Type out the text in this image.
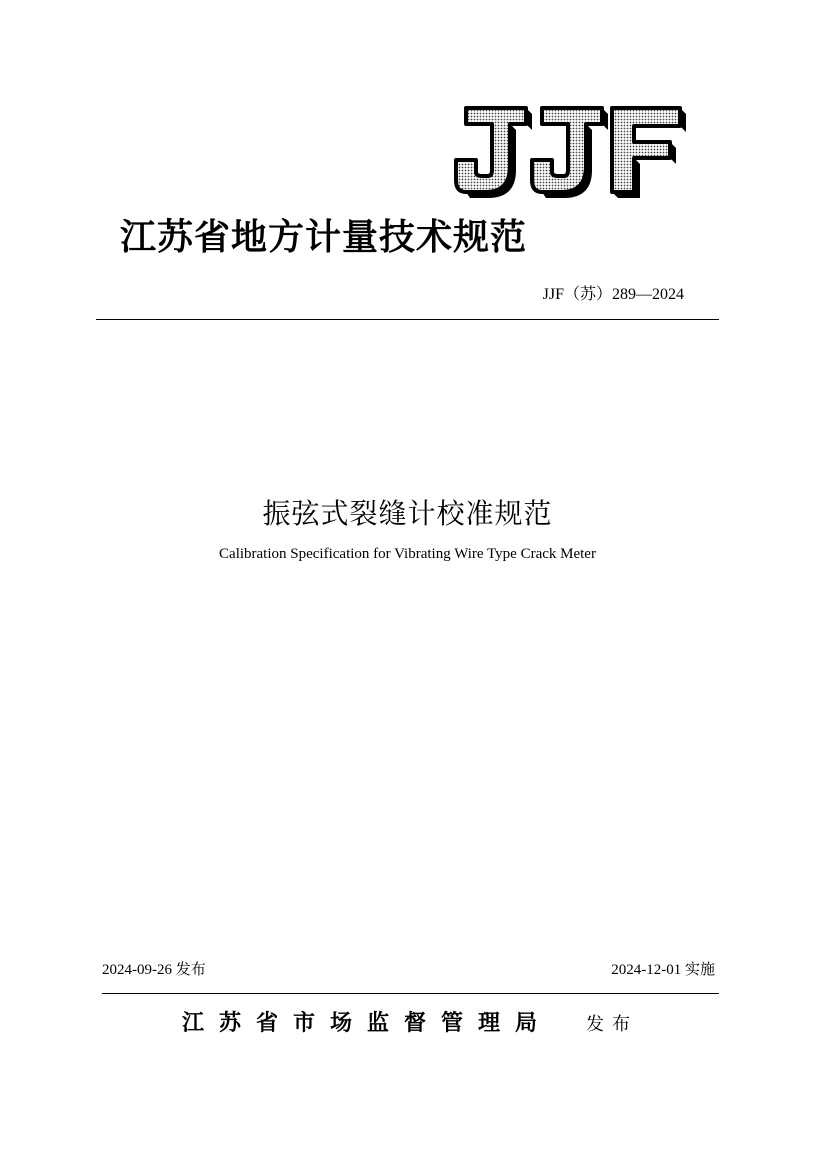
江苏省地方计量技术规范
JJF（苏）289—2024
振弦式裂缝计校准规范
Calibration Specification for Vibrating Wire Type Crack Meter
2024-09-26 发布	2024-12-01 实施
江苏省市场监督管理局 发布
